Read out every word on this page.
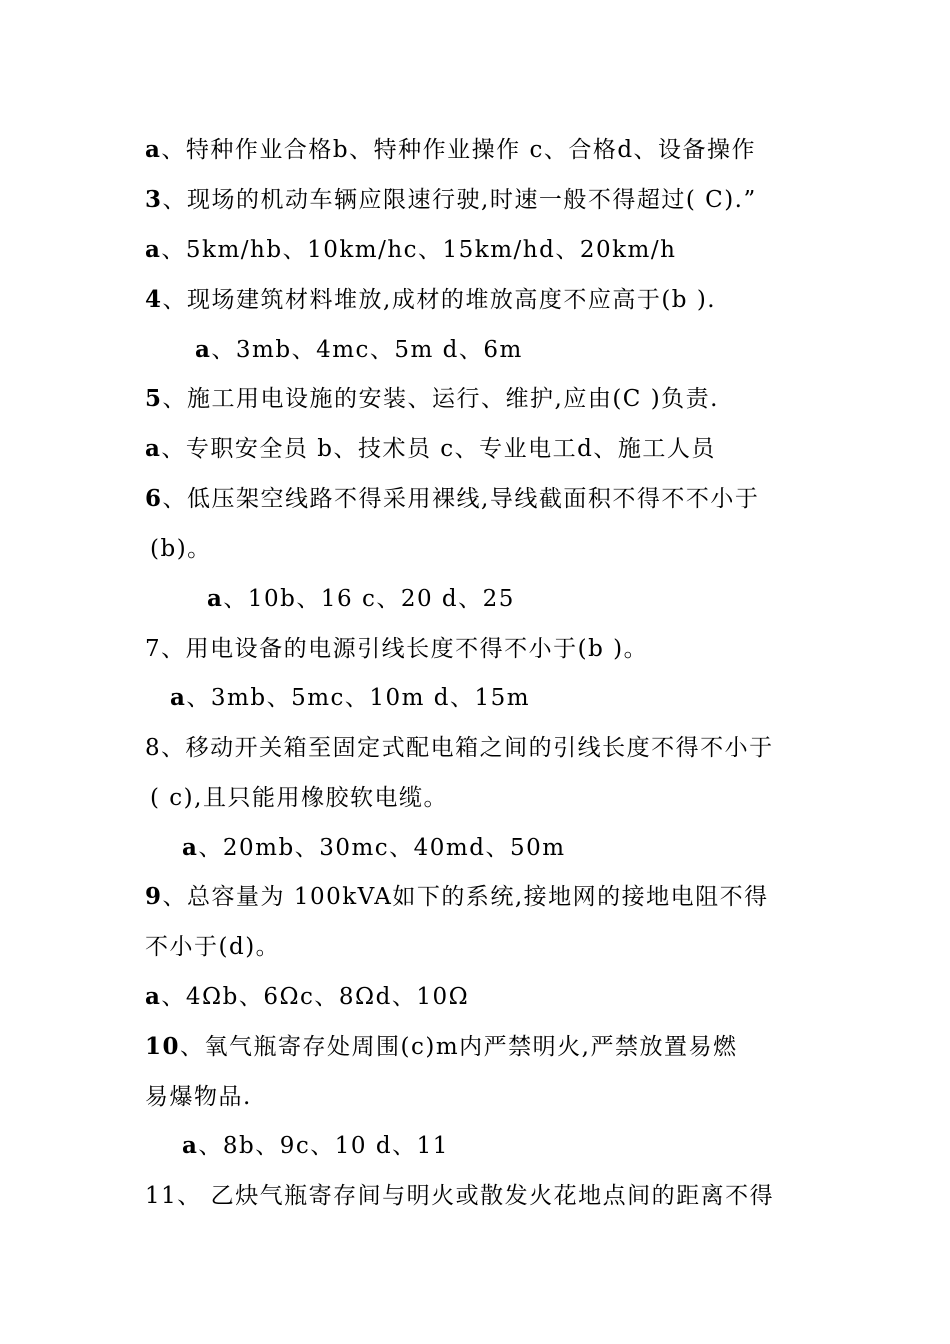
a、特种作业合格b、特种作业操作 c、合格d、设备操作
3、现场的机动车辆应限速行驶,时速一般不得超过( C).”
a、5km/hb、10km/hc、15km/hd、20km/h
4、现场建筑材料堆放,成材的堆放高度不应高于(b ).
a、3mb、4mc、5m d、6m
5、施工用电设施的安装、运行、维护,应由(C )负责.
a、专职安全员 b、技术员 c、专业电工d、施工人员
6、低压架空线路不得采用裸线,导线截面积不得不不小于
(b)。
a、10b、16 c、20 d、25
7、用电设备的电源引线长度不得不小于(b )。
a、3mb、5mc、10m d、15m
8、移动开关箱至固定式配电箱之间的引线长度不得不小于
( c),且只能用橡胶软电缆。
a、20mb、30mc、40md、50m
9、总容量为 100kVA如下的系统,接地网的接地电阻不得
不小于(d)。
a、4Ωb、6Ωc、8Ωd、10Ω
10、氧气瓶寄存处周围(c)m内严禁明火,严禁放置易燃
易爆物品.
a、8b、9c、10 d、11
11、 乙炔气瓶寄存间与明火或散发火花地点间的距离不得
